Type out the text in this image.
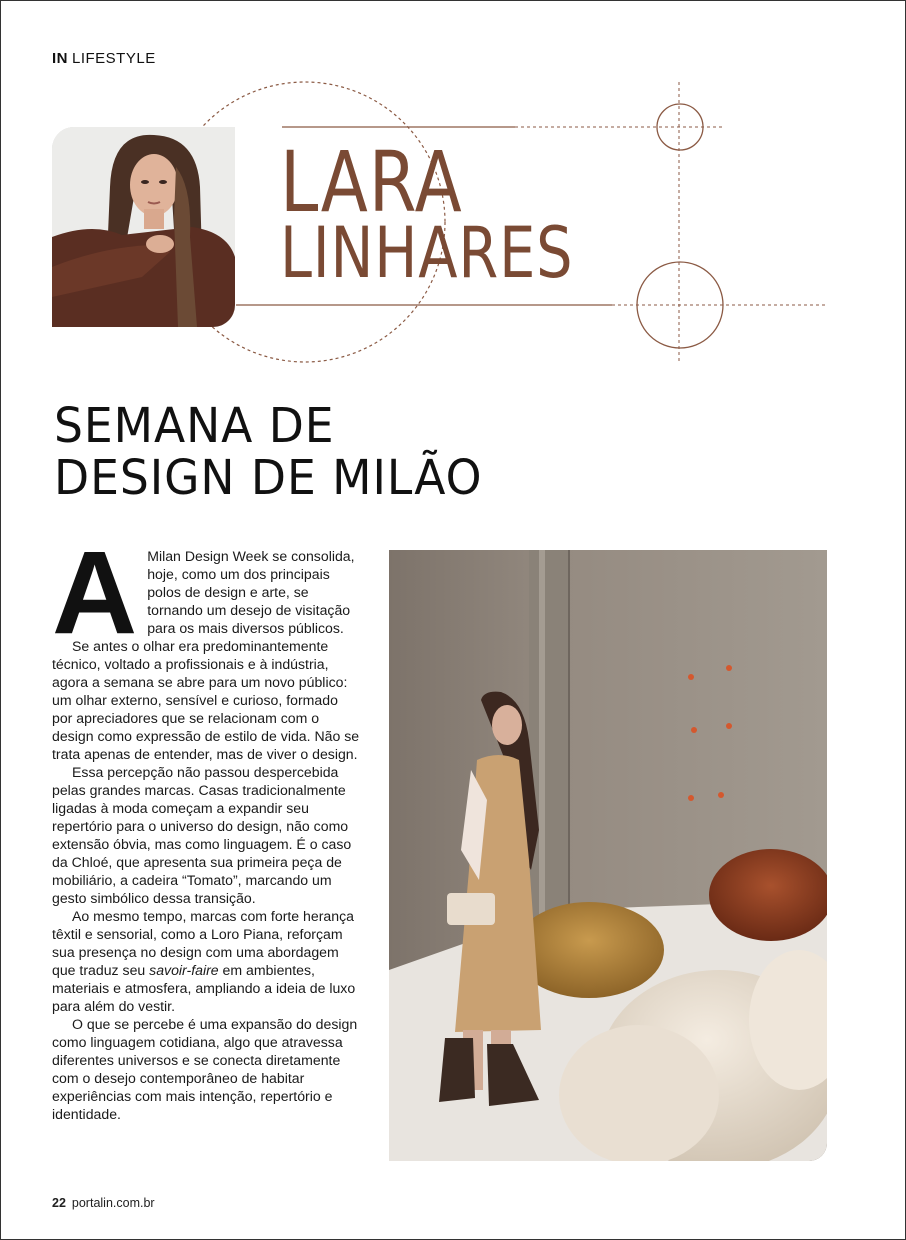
IN LIFESTYLE
LARA
LINHARES
SEMANA DE
DESIGN DE MILÃO
A Milan Design Week se consolida, hoje, como um dos principais polos de design e arte, se tornando um desejo de visitação para os mais diversos públicos.

Se antes o olhar era predominantemente técnico, voltado a profissionais e à indústria, agora a semana se abre para um novo público: um olhar externo, sensível e curioso, formado por apreciadores que se relacionam com o design como expressão de estilo de vida. Não se trata apenas de entender, mas de viver o design.

Essa percepção não passou despercebida pelas grandes marcas. Casas tradicionalmente ligadas à moda começam a expandir seu repertório para o universo do design, não como extensão óbvia, mas como linguagem. É o caso da Chloé, que apresenta sua primeira peça de mobiliário, a cadeira “Tomato”, marcando um gesto simbólico dessa transição.

Ao mesmo tempo, marcas com forte herança têxtil e sensorial, como a Loro Piana, reforçam sua presença no design com uma abordagem que traduz seu savoir-faire em ambientes, materiais e atmosfera, ampliando a ideia de luxo para além do vestir.

O que se percebe é uma expansão do design como linguagem cotidiana, algo que atravessa diferentes universos e se conecta diretamente com o desejo contemporâneo de habitar experiências com mais intenção, repertório e identidade.

22 portalin.com.br
